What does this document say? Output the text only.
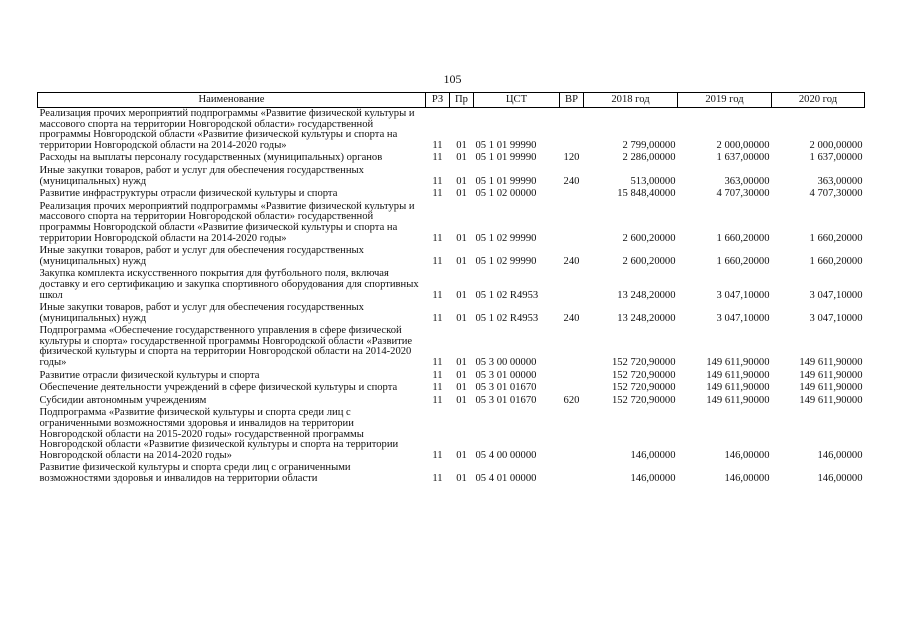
105
Наименование	РЗ	Пр	ЦСТ	ВР	2018 год	2019 год	2020 год
Реализация прочих мероприятий подпрограммы «Развитие физической культуры и массового спорта на территории Новгородской области» государственной программы Новгородской области «Развитие физической культуры и спорта на территории Новгородской области на 2014-2020 годы»	11	01	05 1 01 99990		2 799,00000	2 000,00000	2 000,00000
Расходы на выплаты персоналу государственных (муниципальных) органов	11	01	05 1 01 99990	120	2 286,00000	1 637,00000	1 637,00000
Иные закупки товаров, работ и услуг для обеспечения государственных (муниципальных) нужд	11	01	05 1 01 99990	240	513,00000	363,00000	363,00000
Развитие инфраструктуры отрасли физической культуры и спорта	11	01	05 1 02 00000		15 848,40000	4 707,30000	4 707,30000
Реализация прочих мероприятий подпрограммы «Развитие физической культуры и массового спорта на территории Новгородской области» государственной программы Новгородской области «Развитие физической культуры и спорта на территории Новгородской области на 2014-2020 годы»	11	01	05 1 02 99990		2 600,20000	1 660,20000	1 660,20000
Иные закупки товаров, работ и услуг для обеспечения государственных (муниципальных) нужд	11	01	05 1 02 99990	240	2 600,20000	1 660,20000	1 660,20000
Закупка комплекта искусственного покрытия для футбольного поля, включая доставку и его сертификацию и закупка спортивного оборудования для спортивных школ	11	01	05 1 02 R4953		13 248,20000	3 047,10000	3 047,10000
Иные закупки товаров, работ и услуг для обеспечения государственных (муниципальных) нужд	11	01	05 1 02 R4953	240	13 248,20000	3 047,10000	3 047,10000
Подпрограмма «Обеспечение государственного управления в сфере физической культуры и спорта» государственной программы Новгородской области «Развитие физической культуры и спорта на территории Новгородской области на 2014-2020 годы»	11	01	05 3 00 00000		152 720,90000	149 611,90000	149 611,90000
Развитие отрасли физической культуры и спорта	11	01	05 3 01 00000		152 720,90000	149 611,90000	149 611,90000
Обеспечение деятельности учреждений в сфере физической культуры и спорта	11	01	05 3 01 01670		152 720,90000	149 611,90000	149 611,90000
Субсидии автономным учреждениям	11	01	05 3 01 01670	620	152 720,90000	149 611,90000	149 611,90000
Подпрограмма «Развитие физической культуры и спорта среди лиц с ограниченными возможностями здоровья и инвалидов на территории Новгородской области на 2015-2020 годы» государственной программы Новгородской области «Развитие физической культуры и спорта на территории Новгородской области на 2014-2020 годы»	11	01	05 4 00 00000		146,00000	146,00000	146,00000
Развитие физической культуры и спорта среди лиц с ограниченными возможностями здоровья и инвалидов на территории области	11	01	05 4 01 00000		146,00000	146,00000	146,00000
